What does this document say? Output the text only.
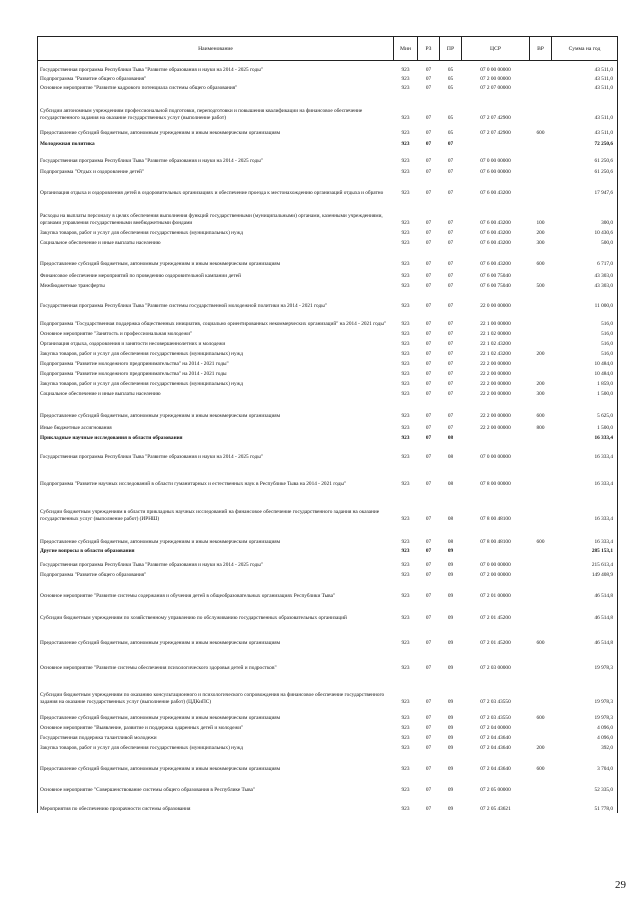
Наименование	Мин	РЗ	ПР	ЦСР	ВР	Сумма на год
Государственная программа Республики Тыва "Развитие образования и науки на 2014 - 2025 годы"	923	07	05	07 0 00 00000		43 511,0
Подпрограмма "Развитие общего образования"	923	07	05	07 2 00 00000		43 511,0
Основное мероприятие "Развитие кадрового потенциала системы общего образования"	923	07	05	07 2 07 00000		43 511,0
Субсидии автономным учреждениям профессиональной подготовки, переподготовки и повышения квалификации на финансовое обеспечение государственного задания на оказание государственных услуг (выполнение работ)	923	07	05	07 2 07 42900		43 511,0
Предоставление субсидий бюджетным, автономным учреждениям и иным некоммерческим организациям	923	07	05	07 2 07 42900	600	43 511,0
Молодежная политика	923	07	07			72 250,6
Государственная программа Республики Тыва "Развитие образования и науки на 2014 - 2025 годы"	923	07	07	07 0 00 00000		61 250,6
Подпрограмма "Отдых и оздоровление детей"	923	07	07	07 6 00 00000		61 250,6
Организация отдыха и оздоровления детей в оздоровительных организациях и обеспечение проезда к местонахождению организаций отдыха и обратно	923	07	07	07 6 00 43200		17 947,6
Расходы на выплаты персоналу в целях обеспечения выполнения функций государственными (муниципальными) органами, казенными учреждениями, органами управления государственными внебюджетными фондами	923	07	07	07 6 00 43200	100	300,0
Закупка товаров, работ и услуг для обеспечения государственных (муниципальных) нужд	923	07	07	07 6 00 43200	200	10 430,6
Социальное обеспечение и иные выплаты населению	923	07	07	07 6 00 43200	300	500,0
Предоставление субсидий бюджетным, автономным учреждениям и иным некоммерческим организациям	923	07	07	07 6 00 43200	600	6 717,0
Финансовое обеспечение мероприятий по проведению оздоровительной кампании детей	923	07	07	07 6 00 75040		43 303,0
Межбюджетные трансферты	923	07	07	07 6 00 75040	500	43 303,0
Государственная программа Республики Тыва "Развитие системы государственной молодежной политики на 2014 - 2021 годы"	923	07	07	22 0 00 00000		11 000,0
Подпрограмма "Государственная поддержка общественных инициатив, социально ориентированных некоммерческих организаций" на 2014 - 2021 годы"	923	07	07	22 1 00 00000		516,0
Основное мероприятие "Занятость и профессиональная молодежи"	923	07	07	22 1 02 00000		516,0
Организация отдыха, оздоровления и занятости несовершеннолетних и молодежи	923	07	07	22 1 02 43200		516,0
Закупка товаров, работ и услуг для обеспечения государственных (муниципальных) нужд	923	07	07	22 1 02 43200	200	516,0
Подпрограмма "Развитие молодежного предпринимательства" на 2014 - 2021 годы"	923	07	07	22 2 00 00000		10 484,0
Подпрограмма "Развитие молодежного предпринимательства" на 2014 - 2021 годы	923	07	07	22 2 00 00000		10 484,0
Закупка товаров, работ и услуг для обеспечения государственных (муниципальных) нужд	923	07	07	22 2 00 00000	200	1 859,0
Социальное обеспечение и иные выплаты населению	923	07	07	22 2 00 00000	300	1 500,0
Предоставление субсидий бюджетным, автономным учреждениям и иным некоммерческим организациям	923	07	07	22 2 00 00000	600	5 625,0
Иные бюджетные ассигнования	923	07	07	22 2 00 00000	800	1 500,0
Прикладные научные исследования в области образования	923	07	08			16 333,4
Государственная программа Республики Тыва "Развитие образования и науки на 2014 - 2025 годы"	923	07	08	07 0 00 00000		16 333,4
Подпрограмма "Развитие научных исследований в области гуманитарных и естественных наук в Республике Тыва на 2014 - 2021 годы"	923	07	08	07 8 00 00000		16 333,4
Субсидии бюджетным учреждениям в области прикладных научных исследований на финансовое обеспечение государственного задания на оказание государственных услуг (выполнение работ) (ИРНШ)	923	07	08	07 8 00 48100		16 333,4
Предоставление субсидий бюджетным, автономным учреждениям и иным некоммерческим организациям	923	07	08	07 8 00 48100	600	16 333,4
Другие вопросы в области образования	923	07	09			285 153,1
Государственная программа Республики Тыва "Развитие образования и науки на 2014 - 2025 годы"	923	07	09	07 0 00 00000		215 613,4
Подпрограмма "Развитие общего образования"	923	07	09	07 2 00 00000		149 408,9
Основное мероприятие "Развитие системы содержания и обучения детей в общеобразовательных организациях Республики Тыва"	923	07	09	07 2 01 00000		46 514,8
Субсидии бюджетным учреждениям по хозяйственному управлению по обслуживанию государственных образовательных организаций	923	07	09	07 2 01 45200		46 514,8
Предоставление субсидий бюджетным, автономным учреждениям и иным некоммерческим организациям	923	07	09	07 2 01 45200	600	46 514,8
Основное мероприятие "Развитие системы обеспечения психологического здоровья детей и подростков"	923	07	09	07 2 03 00000		19 978,3
Субсидии бюджетным учреждениям по оказанию консультационного и психологического сопровождения на финансовое обеспечение государственного задания на оказание государственных услуг (выполнение работ) (ЦДКиПС)	923	07	09	07 2 03 43550		19 978,3
Предоставление субсидий бюджетным, автономным учреждениям и иным некоммерческим организациям	923	07	09	07 2 03 43550	600	19 978,3
Основное мероприятие "Выявление, развитие и поддержка одаренных детей и молодежи"	923	07	09	07 2 04 00000		4 096,0
Государственная поддержка талантливой молодежи	923	07	09	07 2 04 43640		4 096,0
Закупка товаров, работ и услуг для обеспечения государственных (муниципальных) нужд	923	07	09	07 2 04 43640	200	392,0
Предоставление субсидий бюджетным, автономным учреждениям и иным некоммерческим организациям	923	07	09	07 2 04 43640	600	3 704,0
Основное мероприятие "Совершенствование системы общего образования в Республике Тыва"	923	07	09	07 2 05 00000		52 335,0
Мероприятия по обеспечению прозрачности системы образования	923	07	09	07 2 05 43621		51 778,0
29
